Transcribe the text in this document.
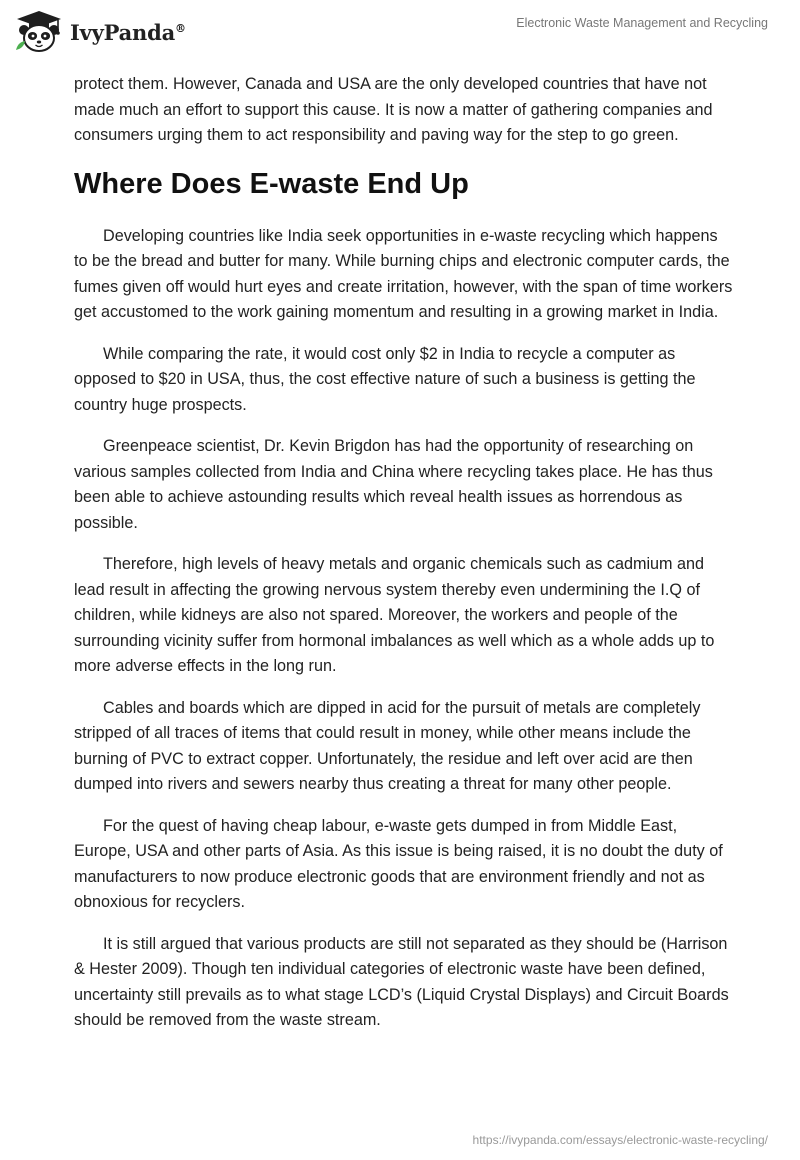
IvyPanda®	Electronic Waste Management and Recycling

protect them. However, Canada and USA are the only developed countries that have not made much an effort to support this cause. It is now a matter of gathering companies and consumers urging them to act responsibility and paving way for the step to go green.

Where Does E-waste End Up

Developing countries like India seek opportunities in e-waste recycling which happens to be the bread and butter for many. While burning chips and electronic computer cards, the fumes given off would hurt eyes and create irritation, however, with the span of time workers get accustomed to the work gaining momentum and resulting in a growing market in India.

While comparing the rate, it would cost only $2 in India to recycle a computer as opposed to $20 in USA, thus, the cost effective nature of such a business is getting the country huge prospects.

Greenpeace scientist, Dr. Kevin Brigdon has had the opportunity of researching on various samples collected from India and China where recycling takes place. He has thus been able to achieve astounding results which reveal health issues as horrendous as possible.

Therefore, high levels of heavy metals and organic chemicals such as cadmium and lead result in affecting the growing nervous system thereby even undermining the I.Q of children, while kidneys are also not spared. Moreover, the workers and people of the surrounding vicinity suffer from hormonal imbalances as well which as a whole adds up to more adverse effects in the long run.

Cables and boards which are dipped in acid for the pursuit of metals are completely stripped of all traces of items that could result in money, while other means include the burning of PVC to extract copper. Unfortunately, the residue and left over acid are then dumped into rivers and sewers nearby thus creating a threat for many other people.

For the quest of having cheap labour, e-waste gets dumped in from Middle East, Europe, USA and other parts of Asia. As this issue is being raised, it is no doubt the duty of manufacturers to now produce electronic goods that are environment friendly and not as obnoxious for recyclers.

It is still argued that various products are still not separated as they should be (Harrison & Hester 2009). Though ten individual categories of electronic waste have been defined, uncertainty still prevails as to what stage LCD’s (Liquid Crystal Displays) and Circuit Boards should be removed from the waste stream.

https://ivypanda.com/essays/electronic-waste-recycling/
